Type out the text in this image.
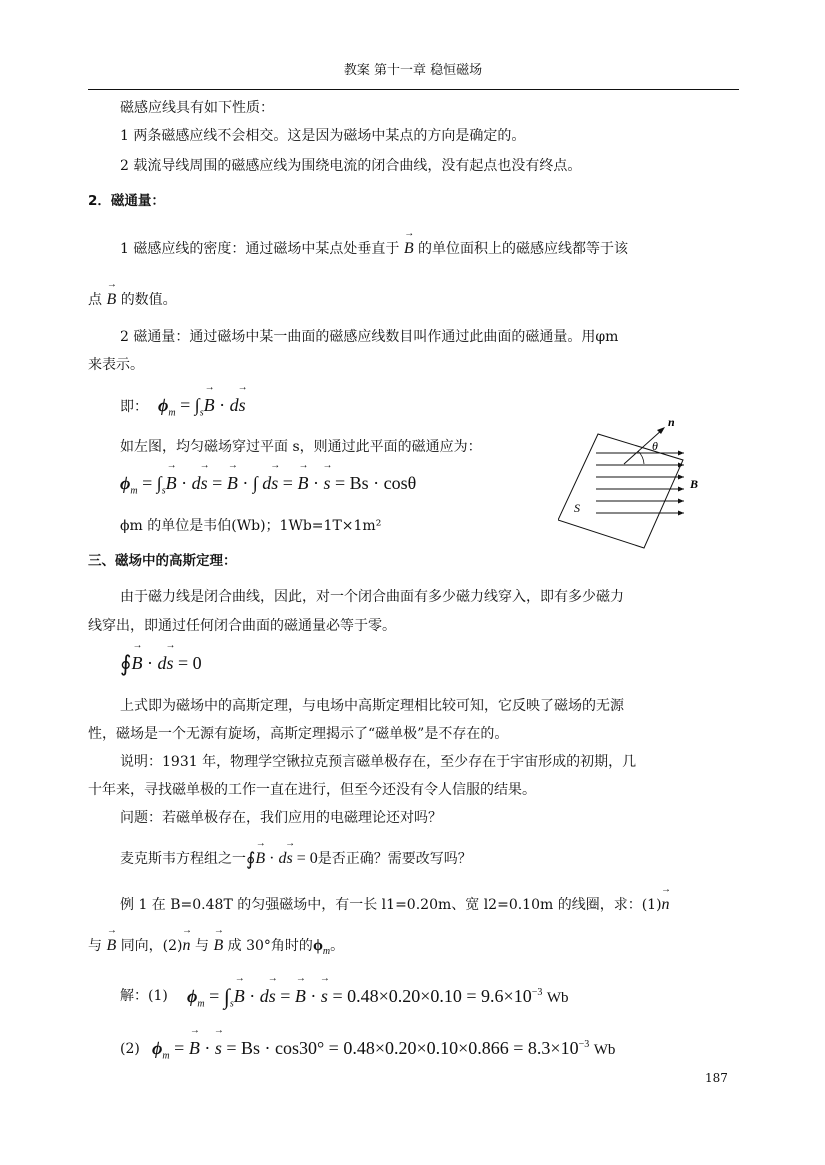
教案 第十一章 稳恒磁场
磁感应线具有如下性质：
1 两条磁感应线不会相交。这是因为磁场中某点的方向是确定的。
2 载流导线周围的磁感应线为围绕电流的闭合曲线，没有起点也没有终点。
2．磁通量：
1 磁感应线的密度：通过磁场中某点处垂直于 → B 的单位面积上的磁感应线都等于该
点 → B 的数值。
2 磁通量：通过磁场中某一曲面的磁感应线数目叫作通过此曲面的磁通量。用φm
来表示。
即： $\phi_m = \int_s\to B \cdot d\to s$
如左图，均匀磁场穿过平面 s，则通过此平面的磁通应为：
$\phi_m = \int_s\to B \cdot d\to s$ = → B · ∫ d→ s = → B · → s = Bs · cosθ
ϕm 的单位是韦伯(Wb)；1Wb=1T×1m²
n
θ
B
S
三、磁场中的高斯定理：
由于磁力线是闭合曲线，因此，对一个闭合曲面有多少磁力线穿入，即有多少磁力
线穿出，即通过任何闭合曲面的磁通量必等于零。
∮→ B · d→ s = 0
上式即为磁场中的高斯定理，与电场中高斯定理相比较可知，它反映了磁场的无源
性，磁场是一个无源有旋场，高斯定理揭示了“磁单极”是不存在的。
说明：1931 年，物理学空锹拉克预言磁单极存在，至少存在于宇宙形成的初期，几
十年来，寻找磁单极的工作一直在进行，但至今还没有令人信服的结果。
问题：若磁单极存在，我们应用的电磁理论还对吗？
麦克斯韦方程组之一∮→ B · d→ s = 0是否正确？需要改写吗？
例 1 在 B=0.48T 的匀强磁场中，有一长 l1=0.20m、宽 l2=0.10m 的线圈，求：(1)→ n
与 → B 同向，(2)→ n 与 → B 成 30°角时的$\phi_m$。
解：(1)	$\phi_m = \int_s\to B \cdot d\to s$ = → B · → $s = 0.48\times 0.20\times 0.10 = 9.6\times 10^{-3}$ Wb
(2) $\phi_m$ = → B · → $s = Bs \cdot \cos 30^\circ = 0.48\times 0.20\times 0.10\times 0.866 = 8.3\times 10^{-3}$ Wb
187
